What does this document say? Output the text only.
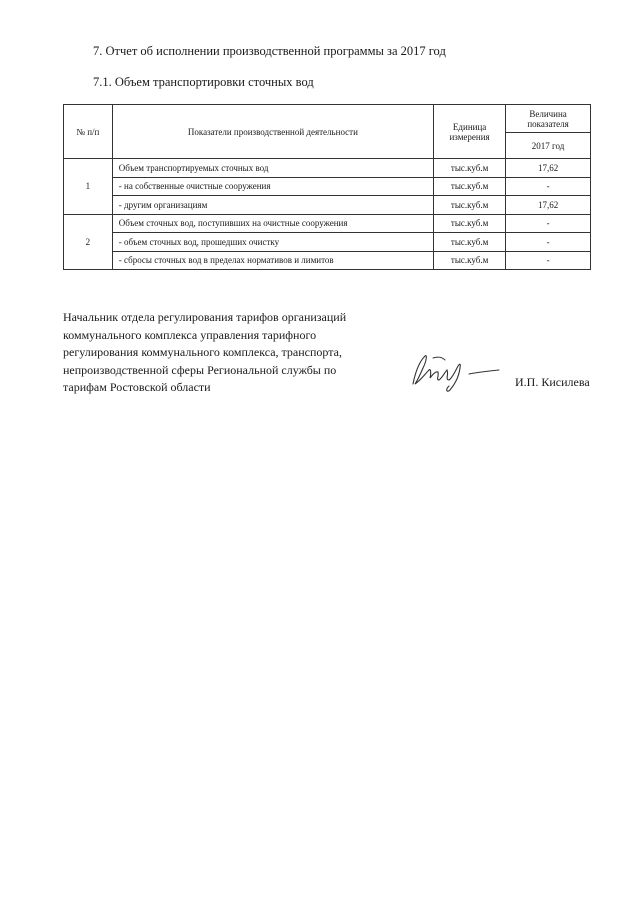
7. Отчет об исполнении производственной программы за 2017 год
7.1. Объем транспортировки сточных вод
№ п/п	Показатели производственной деятельности	Единица измерения	Величина показателя
			2017 год
1	Объем транспортируемых сточных вод	тыс.куб.м	17,62
	- на собственные очистные сооружения	тыс.куб.м	-
	- другим организациям	тыс.куб.м	17,62
2	Объем сточных вод, поступивших на очистные сооружения	тыс.куб.м	-
	- объем сточных вод, прошедших очистку	тыс.куб.м	-
	- сбросы сточных вод в пределах нормативов и лимитов	тыс.куб.м	-
Начальник отдела регулирования тарифов организаций
коммунального комплекса управления тарифного
регулирования коммунального комплекса, транспорта,
непроизводственной сферы Региональной службы по
тарифам Ростовской области	И.П. Кисилева
